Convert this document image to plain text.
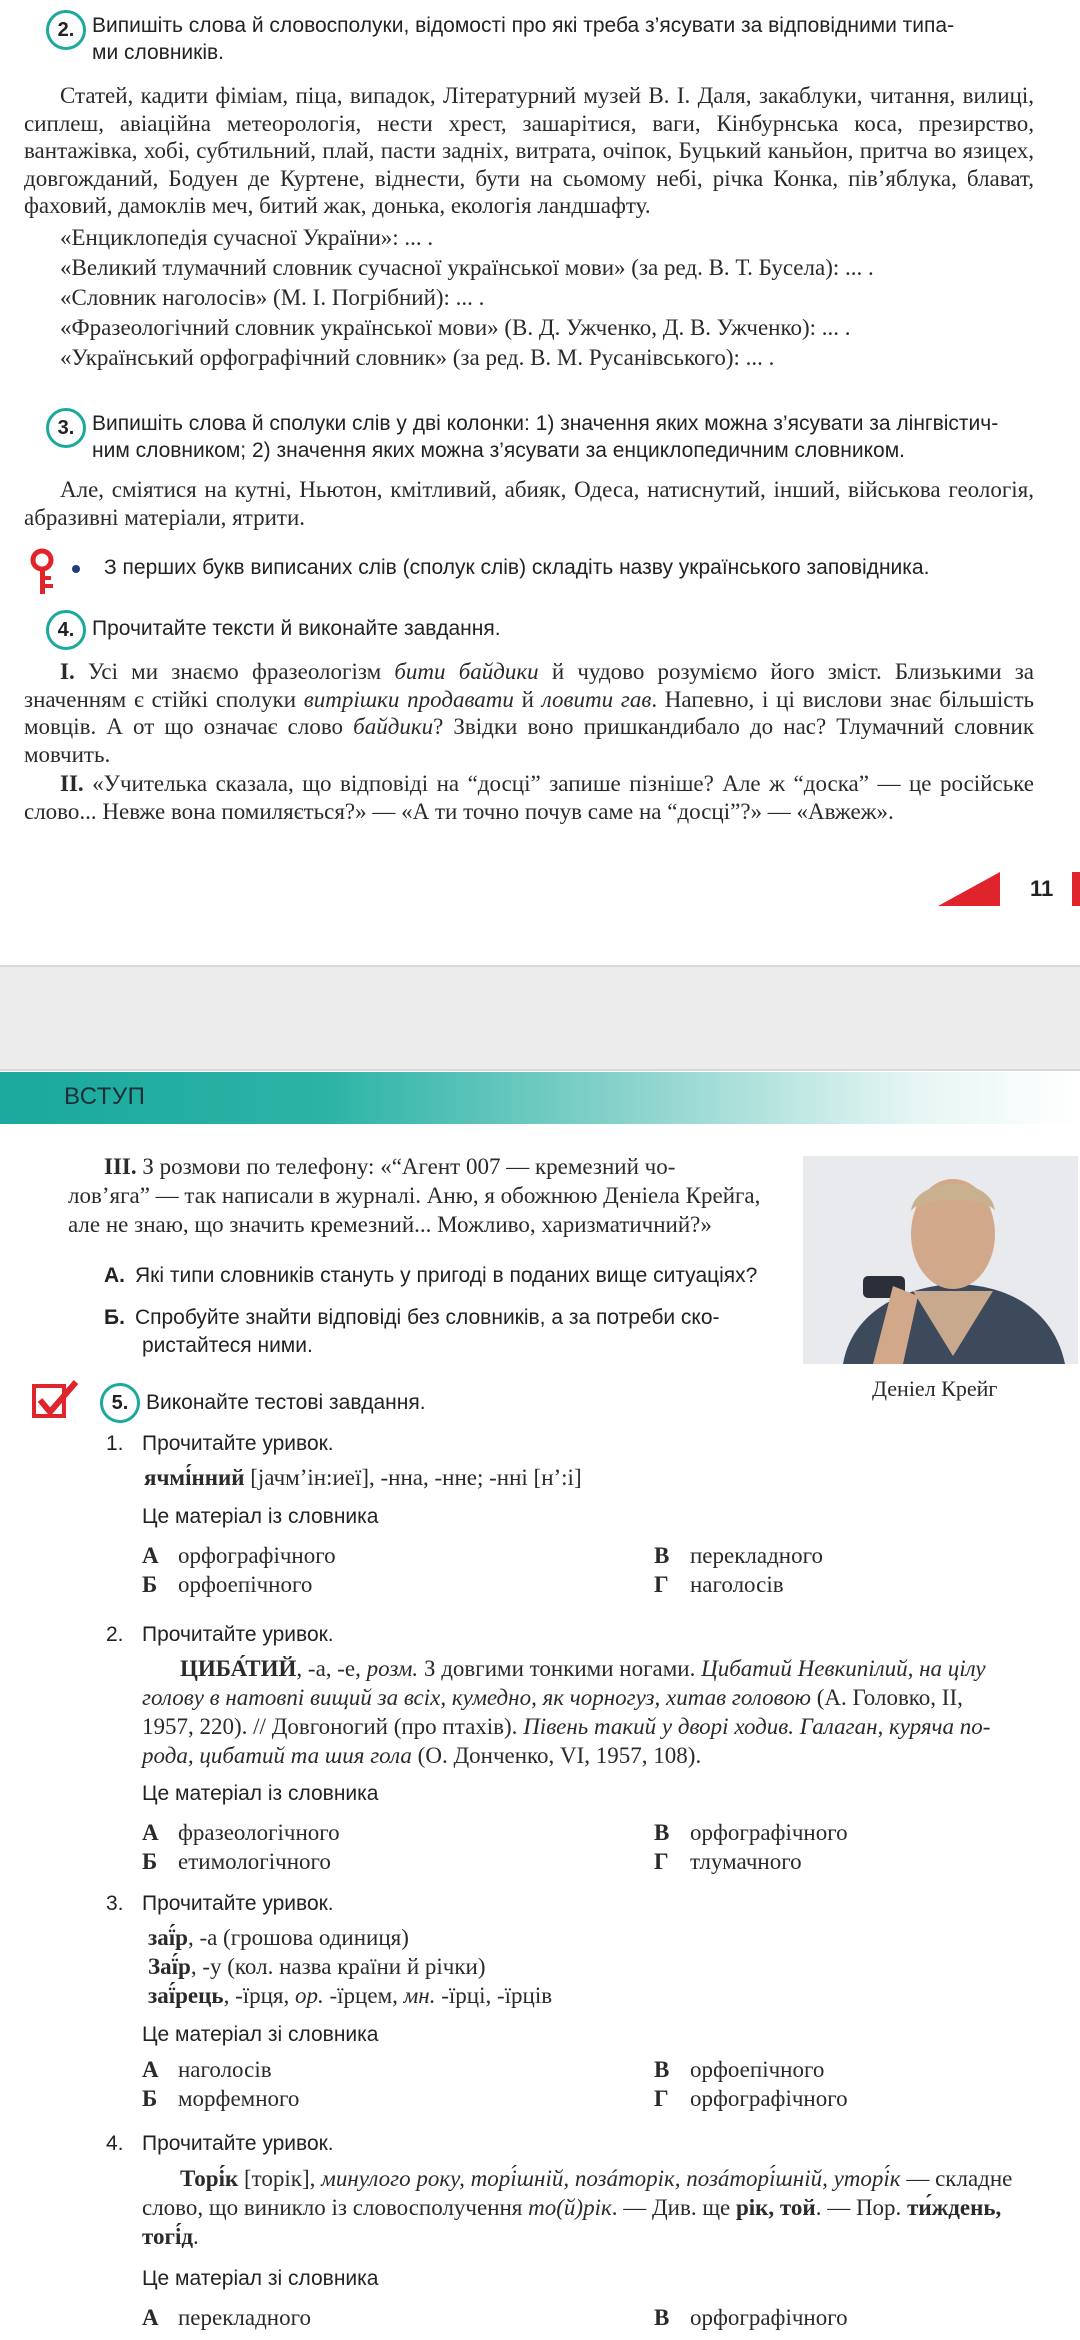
2. Випишіть слова й словосполуки, відомості про які треба з’ясувати за відповідними типа-
ми словників.
Статей, кадити фіміам, піца, випадок, Літературний музей В. І. Даля, закаблуки, читання, вилиці, сиплеш, авіаційна метеорологія, нести хрест, зашарітися, ваги, Кінбурнська коса, презирство, вантажівка, хобі, субтильний, плай, пасти задніх, витрата, очіпок, Буцький каньйон, притча во язицех, довгожданий, Бодуен де Куртене, віднести, бути на сьомому небі, річка Конка, пів’яблука, блават, фаховий, дамоклів меч, битий жак, донька, екологія ландшафту.
«Енциклопедія сучасної України»: ... .
«Великий тлумачний словник сучасної української мови» (за ред. В. Т. Бусела): ... .
«Словник наголосів» (М. І. Погрібний): ... .
«Фразеологічний словник української мови» (В. Д. Ужченко, Д. В. Ужченко): ... .
«Український орфографічний словник» (за ред. В. М. Русанівського): ... .
3. Випишіть слова й сполуки слів у дві колонки: 1) значення яких можна з’ясувати за лінгвістич-
ним словником; 2) значення яких можна з’ясувати за енциклопедичним словником.
Але, сміятися на кутні, Ньютон, кмітливий, абияк, Одеса, натиснутий, інший, військова геологія, абразивні матеріали, ятрити.
З перших букв виписаних слів (сполук слів) складіть назву українського заповідника.
4. Прочитайте тексти й виконайте завдання.
I. Усі ми знаємо фразеологізм бити байдики й чудово розуміємо його зміст. Близькими за значенням є стійкі сполуки витрішки продавати й ловити гав. Напевно, і ці вислови знає більшість мовців. А от що означає слово байдики? Звідки воно пришкандибало до нас? Тлумачний словник мовчить.
II. «Учителька сказала, що відповіді на “досці” запише пізніше? Але ж “доска” — це російське слово... Невже вона помиляється?» — «А ти точно почув саме на “досці”?» — «Авжеж».
11
ВСТУП
III. З розмови по телефону: «“Агент 007 — кремезний чо-
лов’яга” — так написали в журналі. Аню, я обожнюю Деніела Крейга,
але не знаю, що значить кремезний... Можливо, харизматичний?»
А. Які типи словників стануть у пригоді в поданих вище ситуаціях?
Б. Спробуйте знайти відповіді без словників, а за потреби ско-
ристайтеся ними.
Деніел Крейг
5. Виконайте тестові завдання.
1. Прочитайте уривок.
ячмі́нний [јачм’ін:иеї], -нна, -нне; -нні [н’:і]
Це матеріал із словника
А орфографічного
Б орфоепічного
В перекладного
Г наголосів
2. Прочитайте уривок.
ЦИБА́ТИЙ, -а, -е, розм. З довгими тонкими ногами. Цибатий Невкипілий, на цілу
голову в натовпі вищий за всіх, кумедно, як чорногуз, хитав головою (А. Головко, II,
1957, 220). // Довгоногий (про птахів). Півень такий у дворі ходив. Галаган, куряча по-
рода, цибатий та шия гола (О. Донченко, VI, 1957, 108).
Це матеріал із словника
А фразеологічного
Б етимологічного
В орфографічного
Г тлумачного
3. Прочитайте уривок.
заї́р, -а (грошова одиниця)
Заї́р, -у (кол. назва країни й річки)
заї́рець, -їрця, ор. -їрцем, мн. -їрці, -їрців
Це матеріал зі словника
А наголосів
Б морфемного
В орфоепічного
Г орфографічного
4. Прочитайте уривок.
Торі́к [торік], минулого року, торі́шній, позáторік, позáторі́шній, уторі́к — складне
слово, що виникло із словосполучення то(й)рік. — Див. ще рік, той. — Пор. ти́ждень,
тогі́д.
Це матеріал зі словника
А перекладного	В орфографічного
